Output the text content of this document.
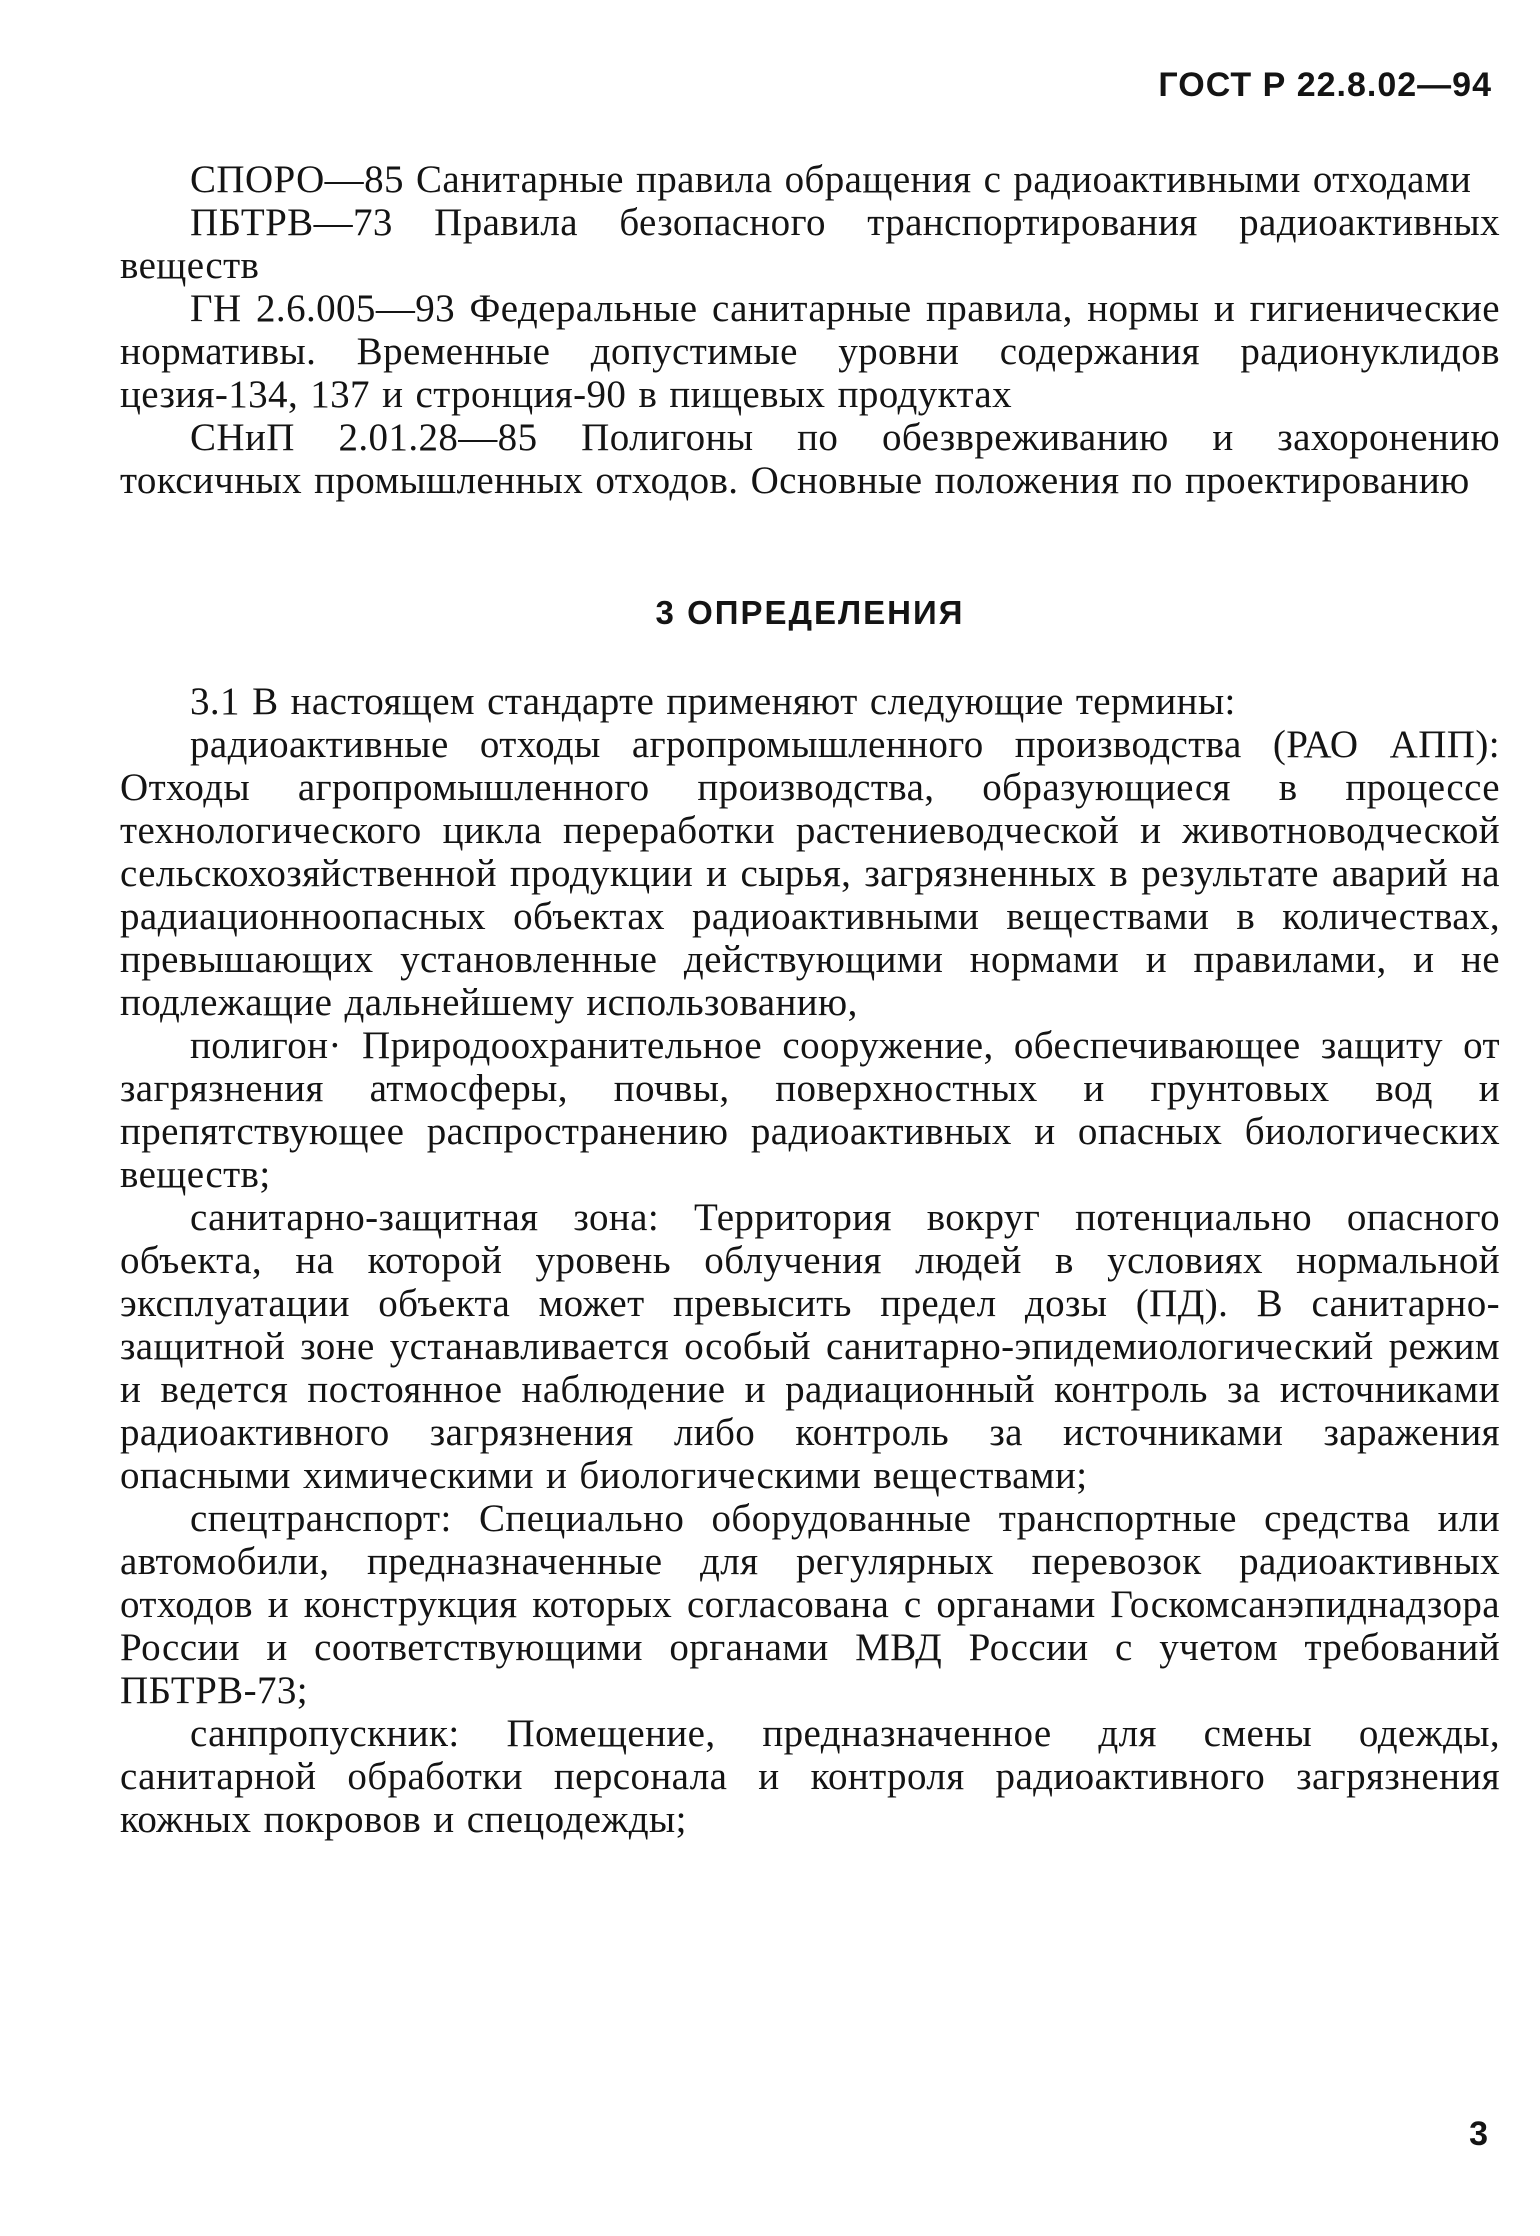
ГОСТ Р 22.8.02—94

СПОРО—85 Санитарные правила обращения с радиоактивными отходами

ПБТРВ—73 Правила безопасного транспортирования радиоактивных веществ

ГН 2.6.005—93 Федеральные санитарные правила, нормы и гигиенические нормативы. Временные допустимые уровни содержания радионуклидов цезия-134, 137 и стронция-90 в пищевых продуктах

СНиП 2.01.28—85 Полигоны по обезвреживанию и захоронению токсичных промышленных отходов. Основные положения по проектированию

3 ОПРЕДЕЛЕНИЯ

3.1 В настоящем стандарте применяют следующие термины:

радиоактивные отходы агропромышленного производства (РАО АПП): Отходы агропромышленного производства, образующиеся в процессе технологического цикла переработки растениеводческой и животноводческой сельскохозяйственной продукции и сырья, загрязненных в результате аварий на радиационноопасных объектах радиоактивными веществами в количествах, превышающих установленные действующими нормами и правилами, и не подлежащие дальнейшему использованию,

полигон· Природоохранительное сооружение, обеспечивающее защиту от загрязнения атмосферы, почвы, поверхностных и грунтовых вод и препятствующее распространению радиоактивных и опасных биологических веществ;

санитарно-защитная зона: Территория вокруг потенциально опасного объекта, на которой уровень облучения людей в условиях нормальной эксплуатации объекта может превысить предел дозы (ПД). В санитарно-защитной зоне устанавливается особый санитарно-эпидемиологический режим и ведется постоянное наблюдение и радиационный контроль за источниками радиоактивного загрязнения либо контроль за источниками заражения опасными химическими и биологическими веществами;

спецтранспорт: Специально оборудованные транспортные средства или автомобили, предназначенные для регулярных перевозок радиоактивных отходов и конструкция которых согласована с органами Госкомсанэпиднадзора России и соответствующими органами МВД России с учетом требований ПБТРВ-73;

санпропускник: Помещение, предназначенное для смены одежды, санитарной обработки персонала и контроля радиоактивного загрязнения кожных покровов и спецодежды;

3
